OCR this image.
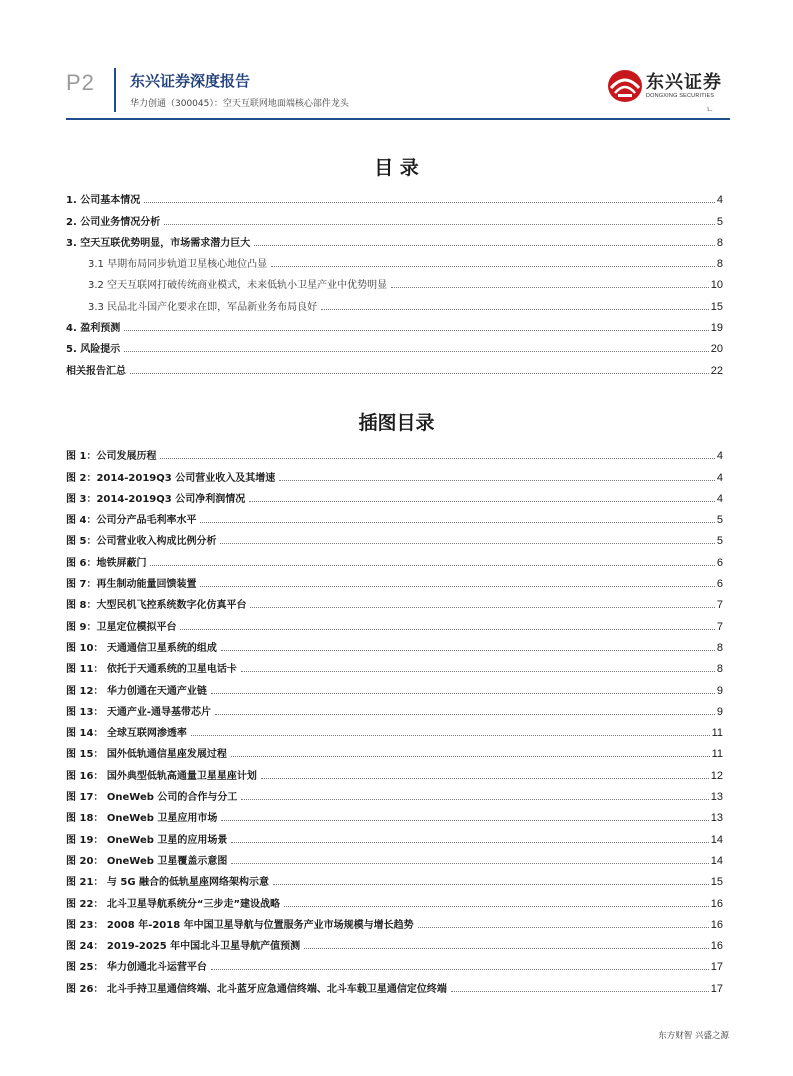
P2 东兴证券深度报告
华力创通（300045）：空天互联网地面端核心部件龙头
东兴证券
DONGXING SECURITIES
ㄴ
目 录
1. 公司基本情况	4
2. 公司业务情况分析	5
3. 空天互联优势明显，市场需求潜力巨大	8
3.1 早期布局同步轨道卫星核心地位凸显	8
3.2 空天互联网打破传统商业模式，未来低轨小卫星产业中优势明显	10
3.3 民品北斗国产化要求在即，军品新业务布局良好	15
4. 盈利预测	19
5. 风险提示	20
相关报告汇总	22
插图目录
图 1：公司发展历程	4
图 2：2014-2019Q3 公司营业收入及其增速	4
图 3：2014-2019Q3 公司净利润情况	4
图 4：公司分产品毛利率水平	5
图 5：公司营业收入构成比例分析	5
图 6：地铁屏蔽门	6
图 7：再生制动能量回馈装置	6
图 8：大型民机飞控系统数字化仿真平台	7
图 9：卫星定位模拟平台	7
图 10： 天通通信卫星系统的组成	8
图 11： 依托于天通系统的卫星电话卡	8
图 12： 华力创通在天通产业链	9
图 13： 天通产业-通导基带芯片	9
图 14： 全球互联网渗透率	11
图 15： 国外低轨通信星座发展过程	11
图 16： 国外典型低轨高通量卫星星座计划	12
图 17： OneWeb 公司的合作与分工	13
图 18： OneWeb 卫星应用市场	13
图 19： OneWeb 卫星的应用场景	14
图 20： OneWeb 卫星覆盖示意图	14
图 21： 与 5G 融合的低轨星座网络架构示意	15
图 22： 北斗卫星导航系统分“三步走”建设战略	16
图 23： 2008 年-2018 年中国卫星导航与位置服务产业市场规模与增长趋势	16
图 24： 2019-2025 年中国北斗卫星导航产值预测	16
图 25： 华力创通北斗运营平台	17
图 26： 北斗手持卫星通信终端、北斗蓝牙应急通信终端、北斗车载卫星通信定位终端	17
东方财智 兴盛之源
